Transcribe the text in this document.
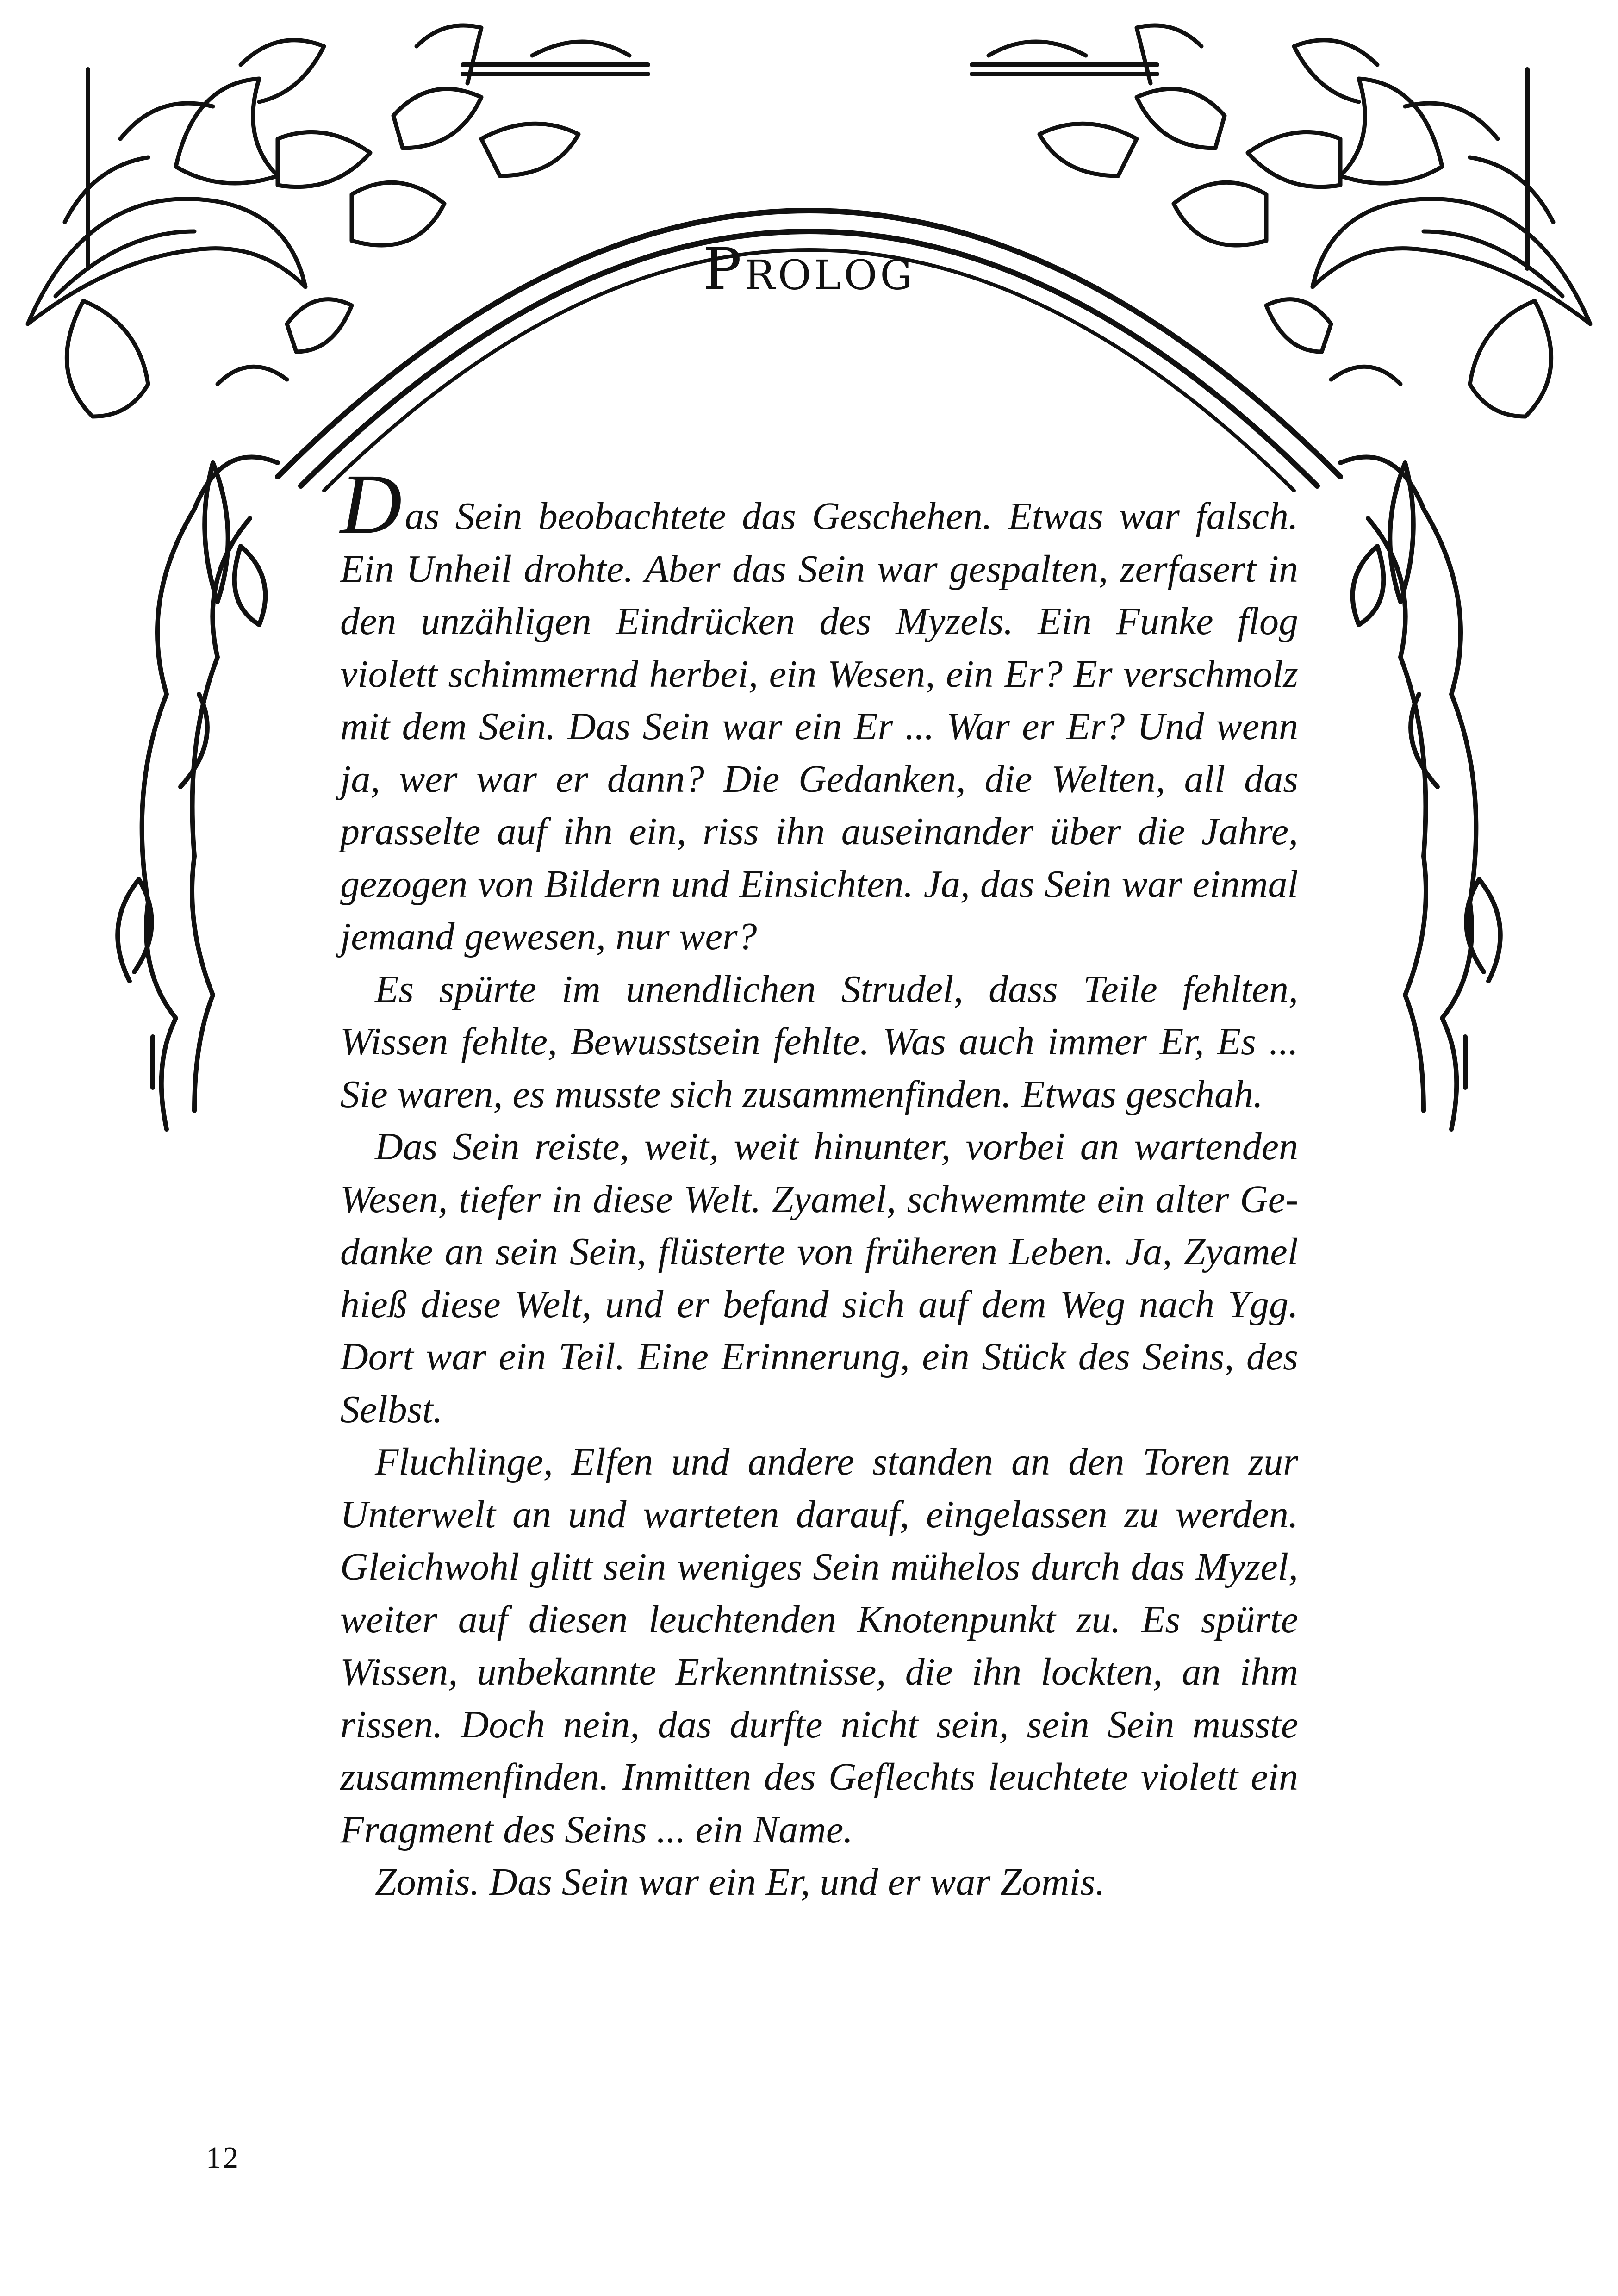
Prolog

Das Sein beobachtete das Geschehen. Etwas war falsch. Ein Unheil drohte. Aber das Sein war gespalten, zerfasert in den unzähligen Eindrücken des Myzels. Ein Funke flog violett schimmernd herbei, ein Wesen, ein Er? Er verschmolz mit dem Sein. Das Sein war ein Er ... War er Er? Und wenn ja, wer war er dann? Die Gedanken, die Welten, all das prasselte auf ihn ein, riss ihn auseinander über die Jahre, gezogen von Bildern und Einsichten. Ja, das Sein war einmal jemand gewesen, nur wer?

Es spürte im unendlichen Strudel, dass Teile fehlten, Wissen fehlte, Bewusstsein fehlte. Was auch immer Er, Es ... Sie waren, es musste sich zusammenfinden. Etwas geschah.

Das Sein reiste, weit, weit hinunter, vorbei an wartenden Wesen, tiefer in diese Welt. Zyamel, schwemmte ein alter Gedanke an sein Sein, flüsterte von früheren Leben. Ja, Zyamel hieß diese Welt, und er befand sich auf dem Weg nach Ygg. Dort war ein Teil. Eine Erinnerung, ein Stück des Seins, des Selbst.

Fluchlinge, Elfen und andere standen an den Toren zur Unterwelt an und warteten darauf, eingelassen zu werden. Gleichwohl glitt sein weniges Sein mühelos durch das Myzel, weiter auf diesen leuchtenden Knotenpunkt zu. Es spürte Wissen, unbekannte Erkenntnisse, die ihn lockten, an ihm rissen. Doch nein, das durfte nicht sein, sein Sein musste zusammenfinden. Inmitten des Geflechts leuchtete violett ein Fragment des Seins ... ein Name.

Zomis. Das Sein war ein Er, und er war Zomis.

12
